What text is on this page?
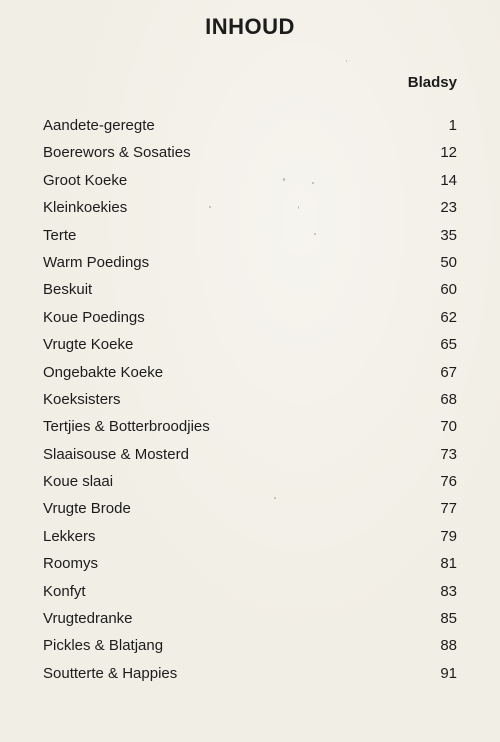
INHOUD
Bladsy
Aandete-geregte	1
Boerewors & Sosaties	12
Groot Koeke	14
Kleinkoekies	23
Terte	35
Warm Poedings	50
Beskuit	60
Koue Poedings	62
Vrugte Koeke	65
Ongebakte Koeke	67
Koeksisters	68
Tertjies & Botterbroodjies	70
Slaaisouse & Mosterd	73
Koue slaai	76
Vrugte Brode	77
Lekkers	79
Roomys	81
Konfyt	83
Vrugtedranke	85
Pickles & Blatjang	88
Soutterte & Happies	91
